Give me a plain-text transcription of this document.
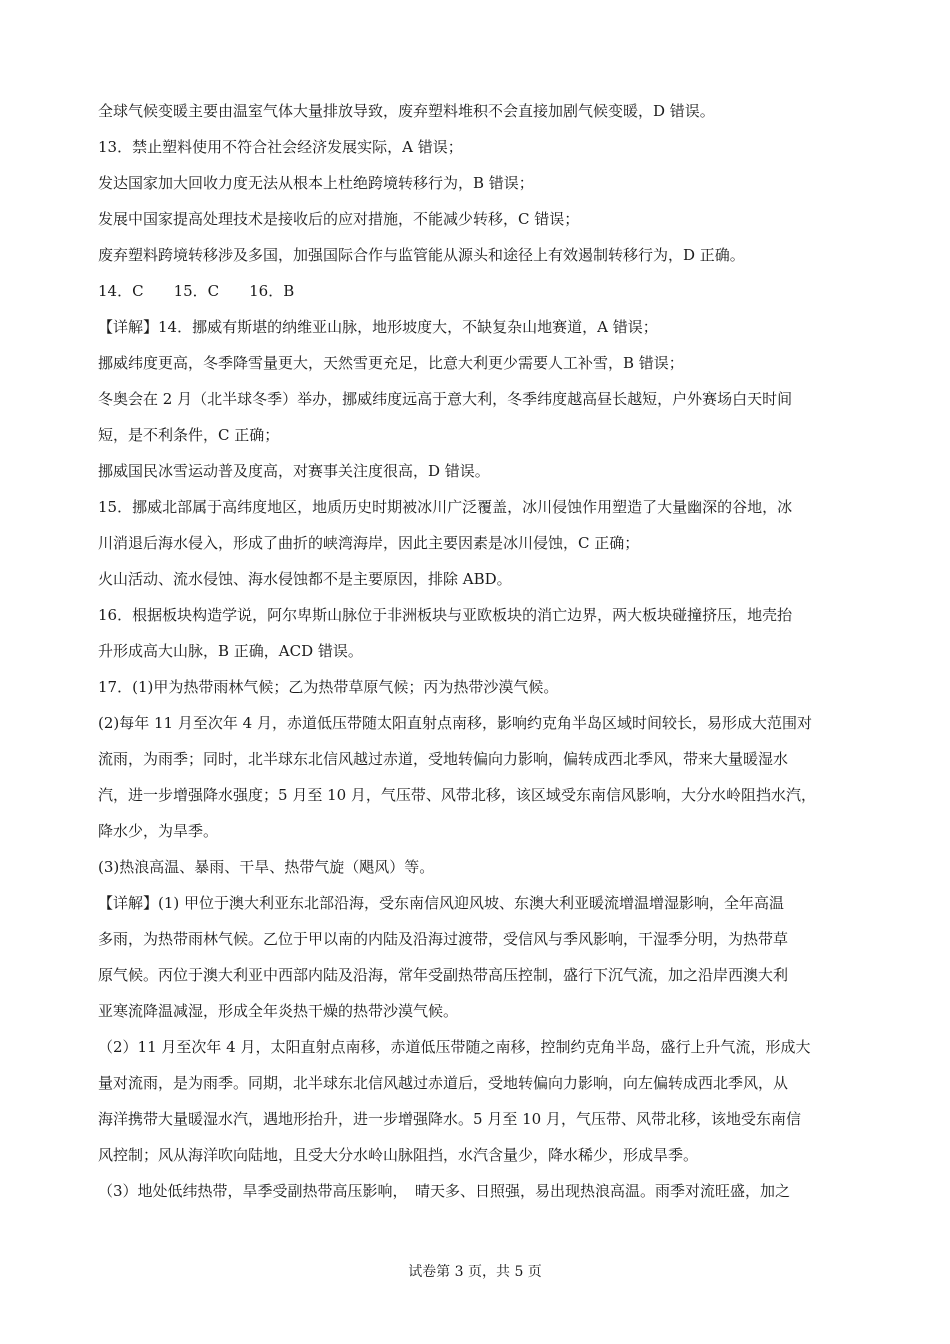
全球气候变暖主要由温室气体大量排放导致，废弃塑料堆积不会直接加剧气候变暖，D 错误。
13．禁止塑料使用不符合社会经济发展实际，A 错误；
发达国家加大回收力度无法从根本上杜绝跨境转移行为，B 错误；
发展中国家提高处理技术是接收后的应对措施，不能减少转移，C 错误；
废弃塑料跨境转移涉及多国，加强国际合作与监管能从源头和途径上有效遏制转移行为，D 正确。
14．C　　15．C　　16．B
【详解】14．挪威有斯堪的纳维亚山脉，地形坡度大，不缺复杂山地赛道，A 错误；
挪威纬度更高，冬季降雪量更大，天然雪更充足，比意大利更少需要人工补雪，B 错误；
冬奥会在 2 月（北半球冬季）举办，挪威纬度远高于意大利，冬季纬度越高昼长越短，户外赛场白天时间
短，是不利条件，C 正确；
挪威国民冰雪运动普及度高，对赛事关注度很高，D 错误。
15．挪威北部属于高纬度地区，地质历史时期被冰川广泛覆盖，冰川侵蚀作用塑造了大量幽深的谷地，冰
川消退后海水侵入，形成了曲折的峡湾海岸，因此主要因素是冰川侵蚀，C 正确；
火山活动、流水侵蚀、海水侵蚀都不是主要原因，排除 ABD。
16．根据板块构造学说，阿尔卑斯山脉位于非洲板块与亚欧板块的消亡边界，两大板块碰撞挤压，地壳抬
升形成高大山脉，B 正确，ACD 错误。
17．(1)甲为热带雨林气候；乙为热带草原气候；丙为热带沙漠气候。
(2)每年 11 月至次年 4 月，赤道低压带随太阳直射点南移，影响约克角半岛区域时间较长，易形成大范围对
流雨，为雨季；同时，北半球东北信风越过赤道，受地转偏向力影响，偏转成西北季风，带来大量暖湿水
汽，进一步增强降水强度；5 月至 10 月，气压带、风带北移，该区域受东南信风影响，大分水岭阻挡水汽，
降水少，为旱季。
(3)热浪高温、暴雨、干旱、热带气旋（飓风）等。
【详解】(1) 甲位于澳大利亚东北部沿海，受东南信风迎风坡、东澳大利亚暖流增温增湿影响，全年高温
多雨，为热带雨林气候。乙位于甲以南的内陆及沿海过渡带，受信风与季风影响，干湿季分明，为热带草
原气候。丙位于澳大利亚中西部内陆及沿海，常年受副热带高压控制，盛行下沉气流，加之沿岸西澳大利
亚寒流降温减湿，形成全年炎热干燥的热带沙漠气候。
（2）11 月至次年 4 月，太阳直射点南移，赤道低压带随之南移，控制约克角半岛，盛行上升气流，形成大
量对流雨，是为雨季。同期，北半球东北信风越过赤道后，受地转偏向力影响，向左偏转成西北季风，从
海洋携带大量暖湿水汽，遇地形抬升，进一步增强降水。5 月至 10 月，气压带、风带北移，该地受东南信
风控制；风从海洋吹向陆地，且受大分水岭山脉阻挡，水汽含量少，降水稀少，形成旱季。
（3）地处低纬热带，旱季受副热带高压影响，　晴天多、日照强，易出现热浪高温。雨季对流旺盛，加之
试卷第 3 页，共 5 页
